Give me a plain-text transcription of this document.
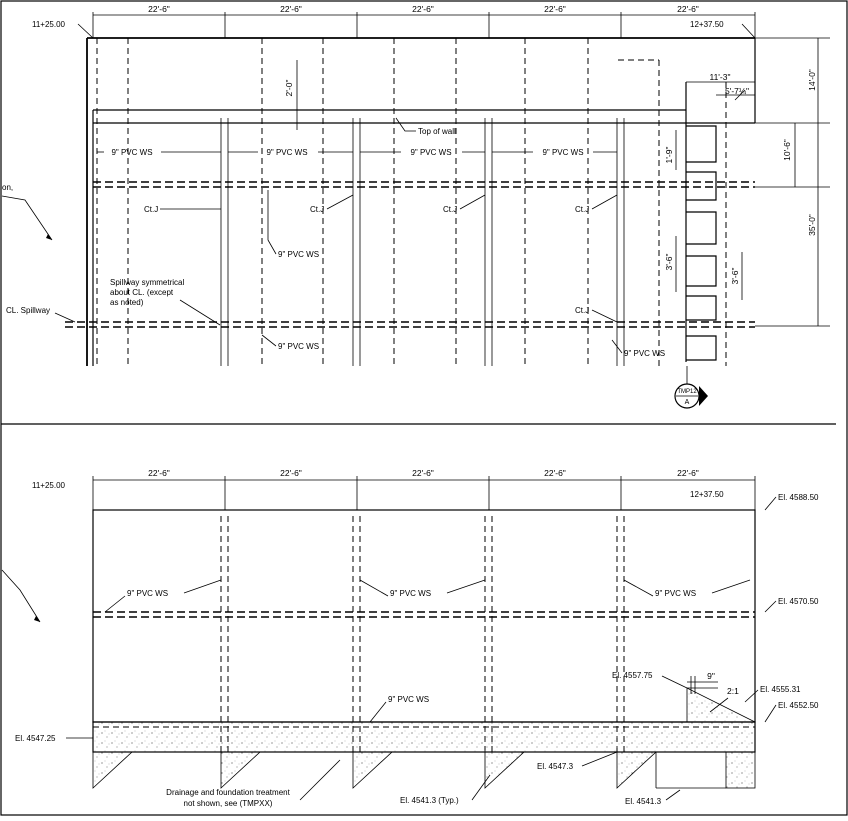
22'-6"	22'-6"	22'-6"	22'-6"	22'-6"
11+25.00	12+37.50
14'-0"
10'-6"
35'-0"
11'-3"
5'-7¼"
2'-0"
1'-9"
3'-6"
3'-6"
Top of wall
9" PVC WS	9" PVC WS	9" PVC WS	9" PVC WS
Ct.J	Ct.J	Ct.J	Ct.J
Ct.J
9" PVC WS
9" PVC WS
9" PVC WS
Spillway symmetrical
about CL. (except
as noted)
CL. Spillway
on,
TMP12
A
22'-6"	22'-6"	22'-6"	22'-6"	22'-6"
11+25.00
12+37.50
9"
2:1
El. 4588.50
El. 4570.50
El. 4557.75
El. 4555.31
El. 4552.50
El. 4547.25
El. 4547.3
El. 4541.3 (Typ.)	El. 4541.3
9" PVC WS	9" PVC WS	9" PVC WS
9" PVC WS
Drainage and foundation treatment
not shown, see (TMPXX)
